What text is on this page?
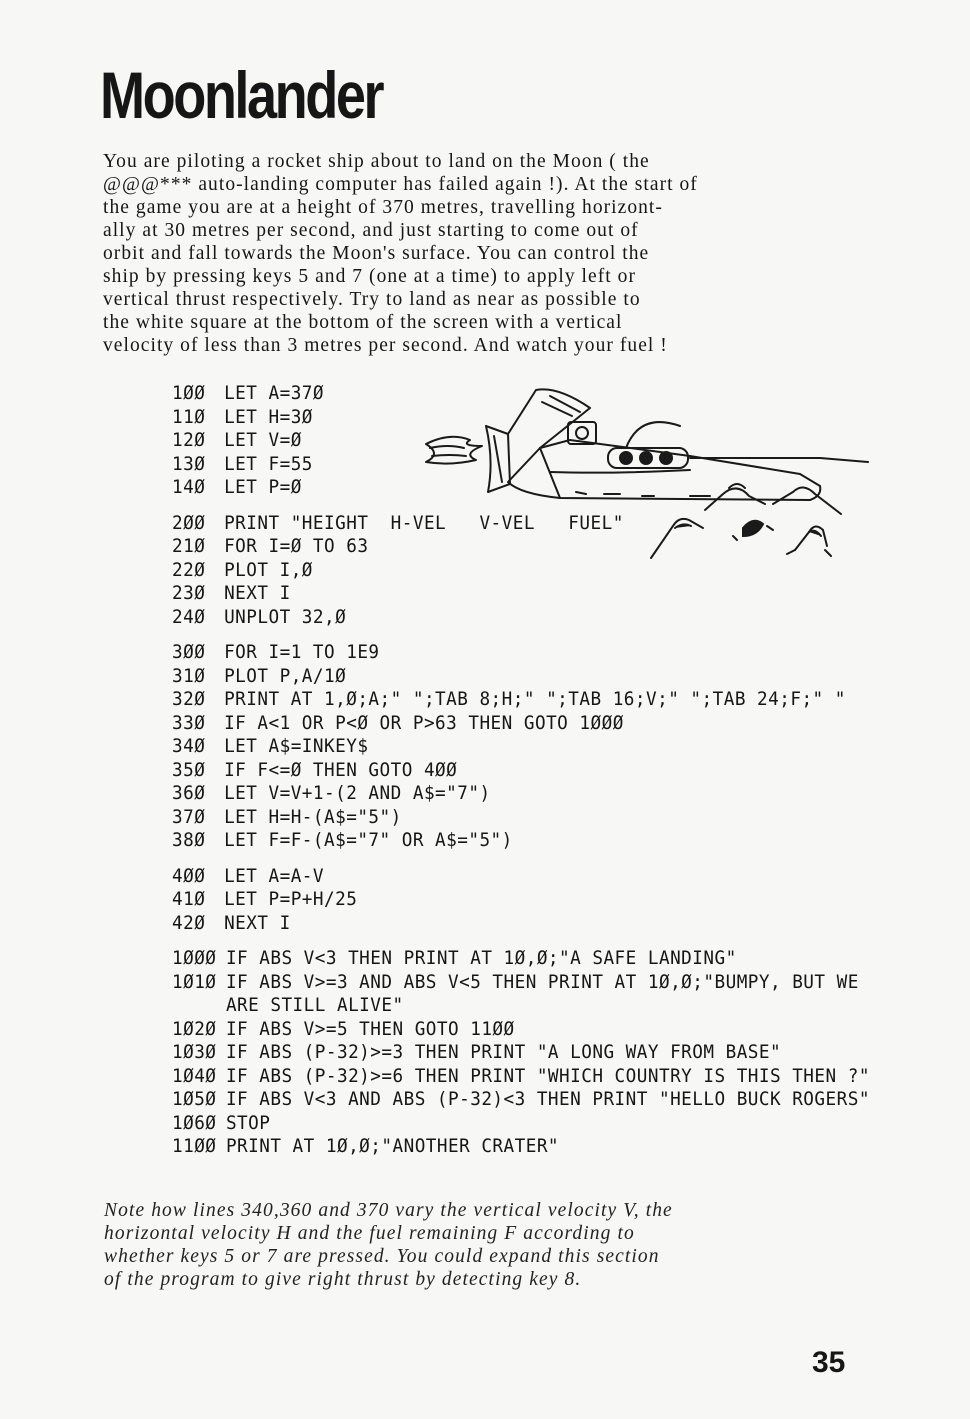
Moonlander

You are piloting a rocket ship about to land on the Moon ( the

@@@*** auto-landing computer has failed again !). At the start of

the game you are at a height of 370 metres, travelling horizont-

ally at 30 metres per second, and just starting to come out of

orbit and fall towards the Moon's surface. You can control the

ship by pressing keys 5 and 7 (one at a time) to apply left or

vertical thrust respectively. Try to land as near as possible to

the white square at the bottom of the screen with a vertical

velocity of less than 3 metres per second. And watch your fuel !

1ØØ LET A=37Ø
11Ø LET H=3Ø
12Ø LET V=Ø
13Ø LET F=55
14Ø LET P=Ø
2ØØ PRINT "HEIGHT  H-VEL   V-VEL   FUEL"
21Ø FOR I=Ø TO 63
22Ø PLOT I,Ø
23Ø NEXT I
24Ø UNPLOT 32,Ø
3ØØ FOR I=1 TO 1E9
31Ø PLOT P,A/1Ø
32Ø PRINT AT 1,Ø;A;" ";TAB 8;H;" ";TAB 16;V;" ";TAB 24;F;" "
33Ø IF A<1 OR P<Ø OR P>63 THEN GOTO 1ØØØ
34Ø LET A$=INKEY$
35Ø IF F<=Ø THEN GOTO 4ØØ
36Ø LET V=V+1-(2 AND A$="7")
37Ø LET H=H-(A$="5")
38Ø LET F=F-(A$="7" OR A$="5")
4ØØ LET A=A-V
41Ø LET P=P+H/25
42Ø NEXT I
1ØØØ IF ABS V<3 THEN PRINT AT 1Ø,Ø;"A SAFE LANDING"
1Ø1Ø IF ABS V>=3 AND ABS V<5 THEN PRINT AT 1Ø,Ø;"BUMPY, BUT WE
ARE STILL ALIVE"
1Ø2Ø IF ABS V>=5 THEN GOTO 11ØØ
1Ø3Ø IF ABS (P-32)>=3 THEN PRINT "A LONG WAY FROM BASE"
1Ø4Ø IF ABS (P-32)>=6 THEN PRINT "WHICH COUNTRY IS THIS THEN ?"
1Ø5Ø IF ABS V<3 AND ABS (P-32)<3 THEN PRINT "HELLO BUCK ROGERS"
1Ø6Ø STOP
11ØØ PRINT AT 1Ø,Ø;"ANOTHER CRATER"
Note how lines 340,360 and 370 vary the vertical velocity V, the
horizontal velocity H and the fuel remaining F according to
whether keys 5 or 7 are pressed. You could expand this section
of the program to give right thrust by detecting key 8.
35
